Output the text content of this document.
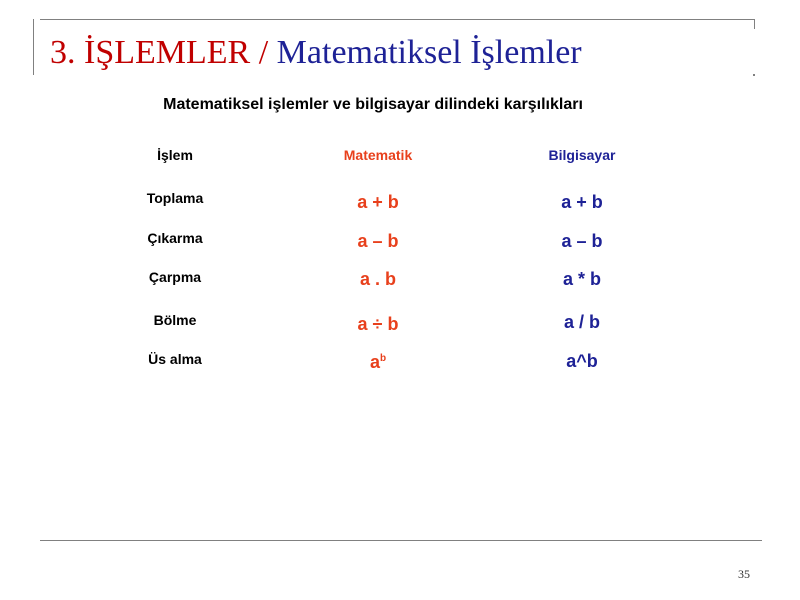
3. İŞLEMLER / Matematiksel İşlemler
Matematiksel işlemler ve bilgisayar dilindeki karşılıkları
İşlem	Matematik	Bilgisayar
Toplama	a + b	a + b
Çıkarma	a – b	a – b
Çarpma	a . b	a * b
Bölme	a ÷ b	a / b
Üs alma	$a^b$	a^b
35
